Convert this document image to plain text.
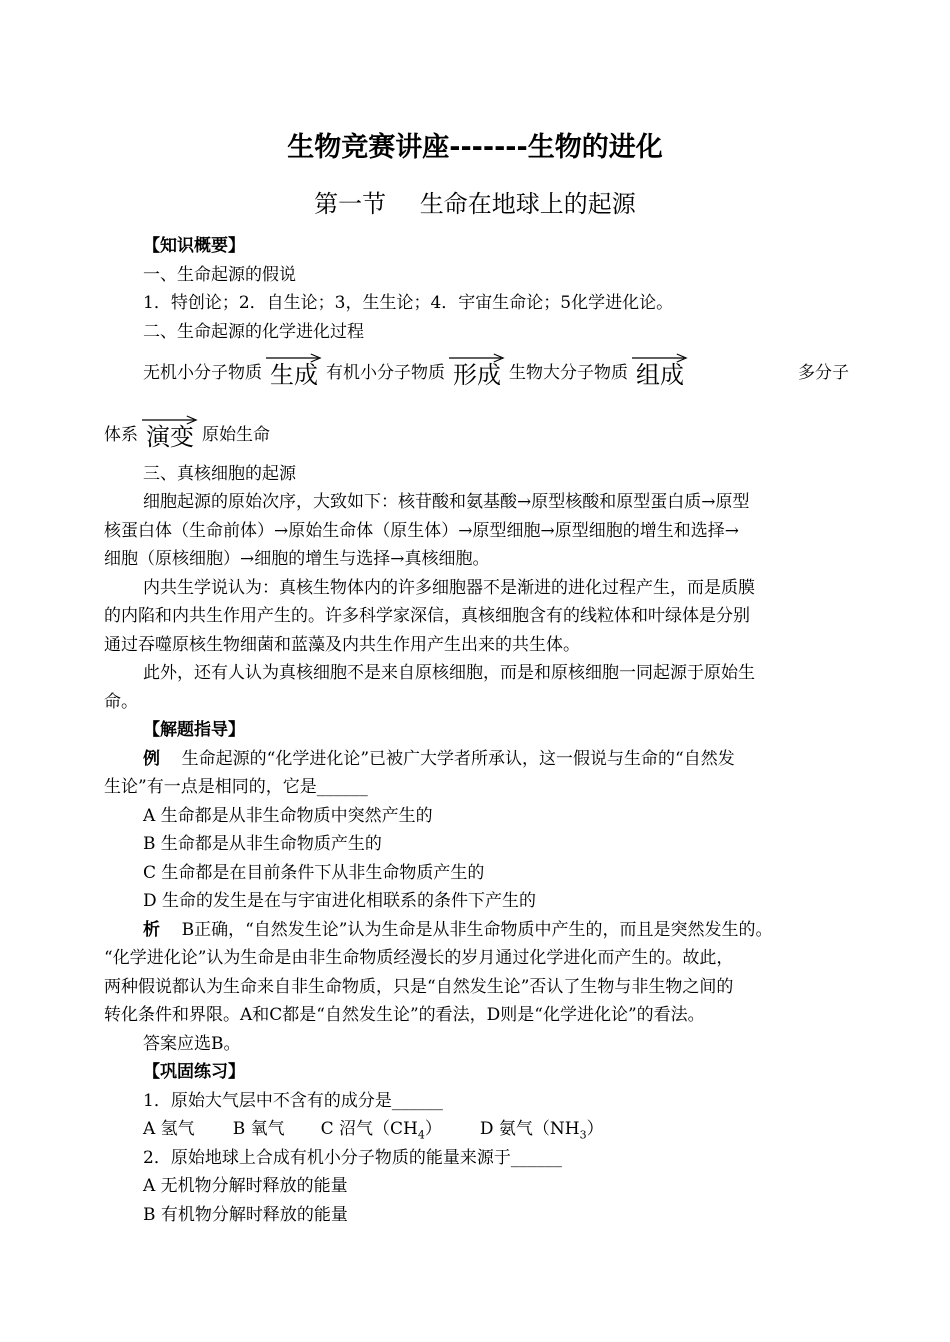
生物竞赛讲座-------生物的进化
第一节 生命在地球上的起源
【知识概要】
一、生命起源的假说
1．特创论；2．自生论；3，生生论；4．宇宙生命论；5化学进化论。
二、生命起源的化学进化过程
无机小分子物质 生成 有机小分子物质 形成 生物大分子物质 组成	多分子
体系 演变 原始生命
三、真核细胞的起源
细胞起源的原始次序，大致如下：核苷酸和氨基酸→原型核酸和原型蛋白质→原型
核蛋白体（生命前体）→原始生命体（原生体）→原型细胞→原型细胞的增生和选择→
细胞（原核细胞）→细胞的增生与选择→真核细胞。
内共生学说认为：真核生物体内的许多细胞器不是渐进的进化过程产生，而是质膜
的内陷和内共生作用产生的。许多科学家深信，真核细胞含有的线粒体和叶绿体是分别
通过吞噬原核生物细菌和蓝藻及内共生作用产生出来的共生体。
此外，还有人认为真核细胞不是来自原核细胞，而是和原核细胞一同起源于原始生
命。
【解题指导】
例 生命起源的“化学进化论”已被广大学者所承认，这一假说与生命的“自然发
生论”有一点是相同的，它是______
A 生命都是从非生命物质中突然产生的
B 生命都是从非生命物质产生的
C 生命都是在目前条件下从非生命物质产生的
D 生命的发生是在与宇宙进化相联系的条件下产生的
析 B正确，“自然发生论”认为生命是从非生命物质中产生的，而且是突然发生的。
“化学进化论”认为生命是由非生命物质经漫长的岁月通过化学进化而产生的。故此，
两种假说都认为生命来自非生命物质，只是“自然发生论”否认了生物与非生物之间的
转化条件和界限。A和C都是“自然发生论”的看法，D则是“化学进化论”的看法。
答案应选B。
【巩固练习】
1．原始大气层中不含有的成分是______
A 氢气 B 氧气 C 沼气$(CH_4)$ D 氨气$(NH_3)$
2．原始地球上合成有机小分子物质的能量来源于______
A 无机物分解时释放的能量
B 有机物分解时释放的能量
